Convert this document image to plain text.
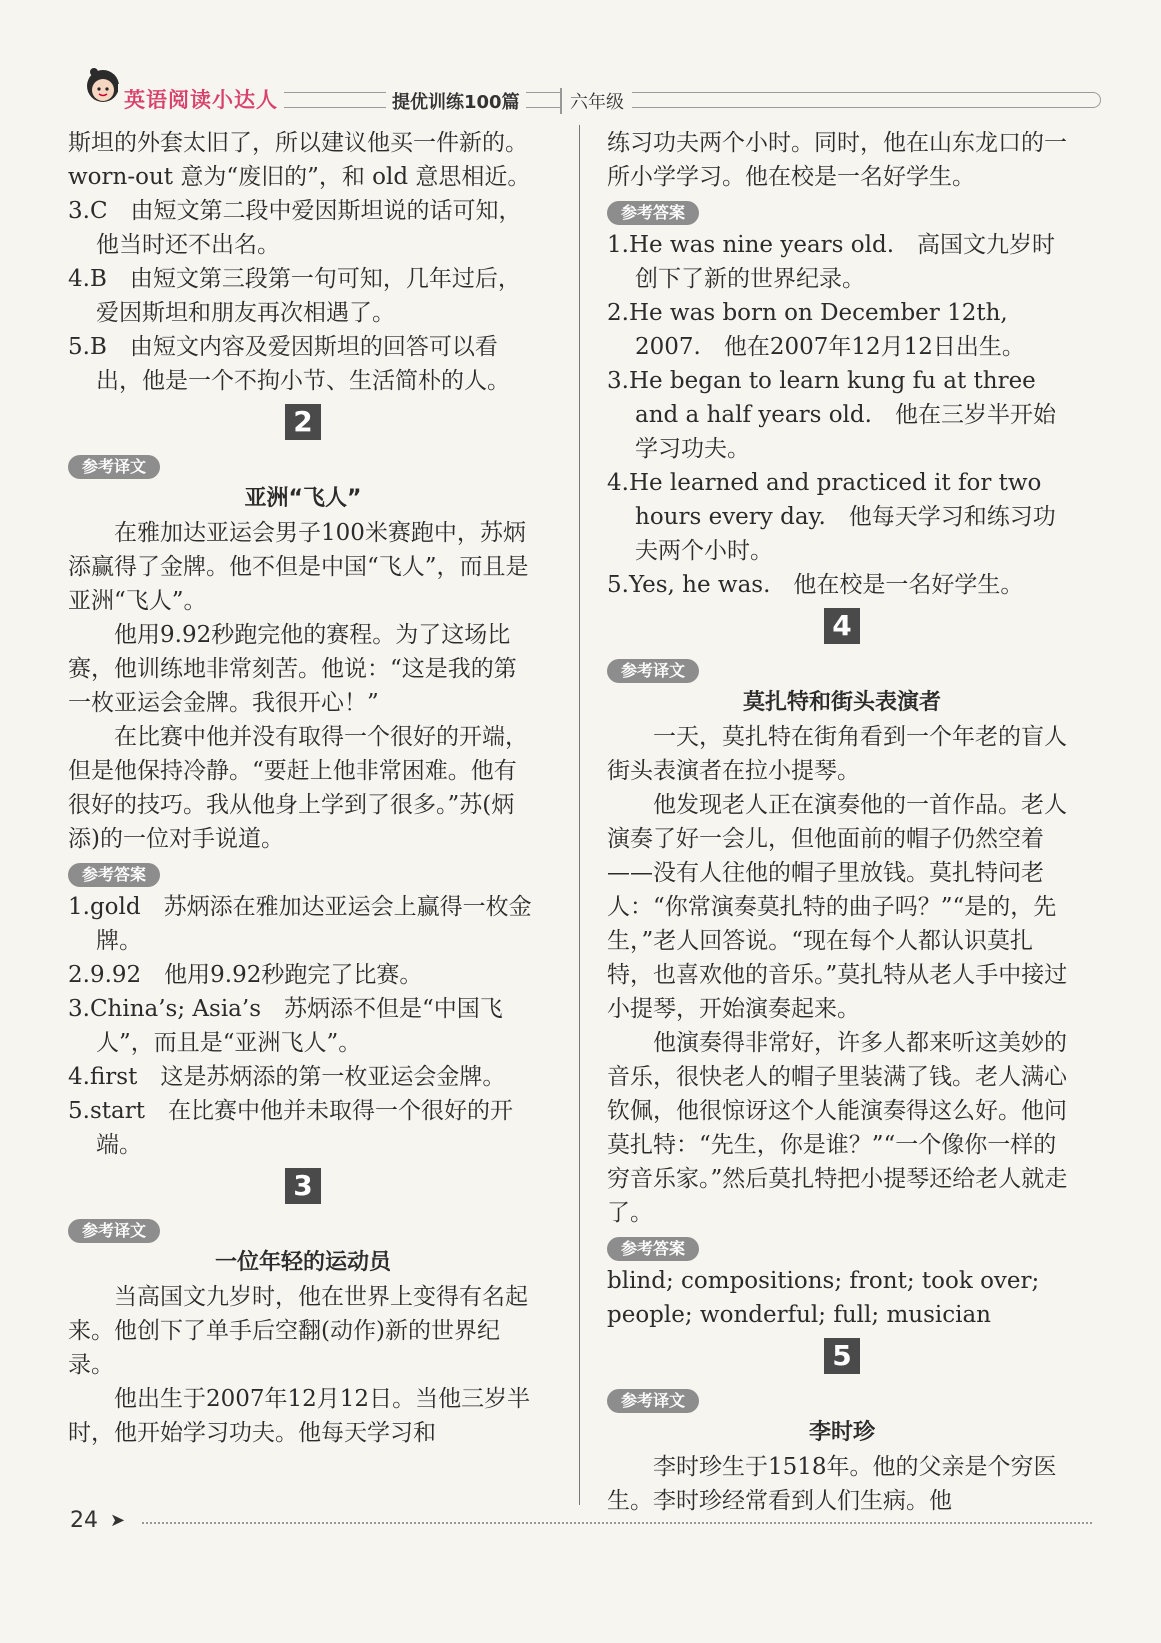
英语阅读小达人	提优训练100篇	六年级

斯坦的外套太旧了，所以建议他买一件新的。worn-out 意为“废旧的”，和 old 意思相近。

3.C　由短文第二段中爱因斯坦说的话可知，他当时还不出名。

4.B　由短文第三段第一句可知，几年过后，爱因斯坦和朋友再次相遇了。

5.B　由短文内容及爱因斯坦的回答可以看出，他是一个不拘小节、生活简朴的人。

2
参考译文
亚洲“飞人”

在雅加达亚运会男子100米赛跑中，苏炳添赢得了金牌。他不但是中国“飞人”，而且是亚洲“飞人”。

他用9.92秒跑完他的赛程。为了这场比赛，他训练地非常刻苦。他说：“这是我的第一枚亚运会金牌。我很开心！”

在比赛中他并没有取得一个很好的开端，但是他保持冷静。“要赶上他非常困难。他有很好的技巧。我从他身上学到了很多。”苏(炳添)的一位对手说道。

参考答案

1.gold　苏炳添在雅加达亚运会上赢得一枚金牌。

2.9.92　他用9.92秒跑完了比赛。

3.China’s; Asia’s　苏炳添不但是“中国飞人”，而且是“亚洲飞人”。

4.first　这是苏炳添的第一枚亚运会金牌。

5.start　在比赛中他并未取得一个很好的开端。

3
参考译文
一位年轻的运动员

当高国文九岁时，他在世界上变得有名起来。他创下了单手后空翻(动作)新的世界纪录。

他出生于2007年12月12日。当他三岁半时，他开始学习功夫。他每天学习和

练习功夫两个小时。同时，他在山东龙口的一所小学学习。他在校是一名好学生。

参考答案

1.He was nine years old.　高国文九岁时创下了新的世界纪录。

2.He was born on December 12th, 2007.　他在2007年12月12日出生。

3.He began to learn kung fu at three and a half years old.　他在三岁半开始学习功夫。

4.He learned and practiced it for two hours every day.　他每天学习和练习功夫两个小时。

5.Yes, he was.　他在校是一名好学生。

4
参考译文
莫扎特和街头表演者

一天，莫扎特在街角看到一个年老的盲人街头表演者在拉小提琴。

他发现老人正在演奏他的一首作品。老人演奏了好一会儿，但他面前的帽子仍然空着——没有人往他的帽子里放钱。莫扎特问老人：“你常演奏莫扎特的曲子吗？”“是的，先生，”老人回答说。“现在每个人都认识莫扎特，也喜欢他的音乐。”莫扎特从老人手中接过小提琴，开始演奏起来。

他演奏得非常好，许多人都来听这美妙的音乐，很快老人的帽子里装满了钱。老人满心钦佩，他很惊讶这个人能演奏得这么好。他问莫扎特：“先生，你是谁？”“一个像你一样的穷音乐家。”然后莫扎特把小提琴还给老人就走了。

参考答案

blind; compositions; front; took over; people; wonderful; full; musician

5
参考译文
李时珍

李时珍生于1518年。他的父亲是个穷医生。李时珍经常看到人们生病。他

24 ➤
